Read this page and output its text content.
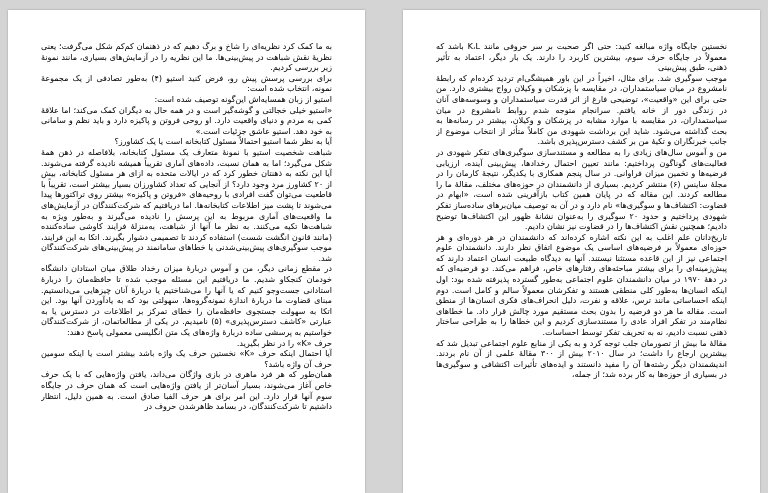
به ما کمک کرد نظریه‌ای را شاخ و برگ دهیم که در ذهنمان کم‌کم شکل می‌گرفت؛ یعنی نظریهٔ نقش شباهت در پیش‌بینی‌ها. ما این نظریه را در آزمایش‌های بسیاری، مانند نمونهٔ زیر بررسی کردیم.

برای بررسی پرسش پیش رو، فرض کنید استیو (۴) به‌طور تصادفی از یک مجموعهٔ نمونه، انتخاب شده است:

استیو از زبان همسایه‌اش این‌گونه توصیف شده است:

«استیو خیلی خجالتی و گوشه‌گیر است و در همه حال به دیگران کمک می‌کند؛ اما علاقهٔ کمی به مردم و دنیای واقعیت دارد. او روحی فروتن و پاکیزه دارد و باید نظم و سامانی به خود دهد. استیو عاشق جزئیات است.»

آیا به نظر شما استیو احتمالاً مسئول کتابخانه است یا یک کشاورز؟

شباهت شخصیت استیو با نمونهٔ متعارف یک مسئول کتابخانه، بلافاصله در ذهن همهٔ شکل می‌گیرد؛ اما به همان نسبت، داده‌های آماری تقریباً همیشه نادیده گرفته می‌شوند. آیا این نکته به ذهنتان خطور کرد که در ایالات متحده به ازای هر مسئول کتابخانه، بیش از ۲۰ کشاورز مرد وجود دارد؟ از آنجایی که تعداد کشاورزان بسیار بیشتر است، تقریباً با قاطعیت می‌توان گفت افرادی با روحیه‌های «فروتن و پاکیزه» بیشتر روی تراکتورها پیدا می‌شوند تا پشت میز اطلاعات کتابخانه‌ها. اما دریافتیم که شرکت‌کنندگان در آزمایش‌های ما واقعیت‌های آماری مربوط به این پرسش را نادیده می‌گیرند و به‌طور ویژه به شباهت‌ها تکیه می‌کنند. به نظر ما آنها از شباهت، به‌منزلهٔ فرایند کاوشی ساده‌کننده (مانند قانون انگشت شست) استفاده کردند تا تصمیمی دشوار بگیرند. اتکا به این فرایند، موجب سوگیری‌های پیش‌بینی‌شدنی یا خطاهای سامانمند در پیش‌بینی‌های شرکت‌کنندگان شد.

در مقطع زمانی دیگر، من و آموس دربارهٔ میزان رخداد طلاق میان استادان دانشگاه خودمان کنجکاو شدیم. ما دریافتیم این مسئله موجب شده تا حافظه‌مان را دربارهٔ استادانی جست‌وجو کنیم که یا آنها را می‌شناختیم یا دربارهٔ آنان چیزهایی می‌دانستیم. مبنای قضاوت ما دربارهٔ اندازهٔ نمونه‌گروه‌ها، سهولتی بود که به یادآوردن آنها بود. این اتکا به سهولت جستجوی حافظه‌مان را خطای تمرکز بر اطلاعات در دسترس یا به عبارتی «کاشف دسترس‌پذیری» (۵) نامیدیم. در یکی از مطالعاتمان، از شرکت‌کنندگان خواستیم به پرسشی ساده دربارهٔ واژه‌های یک متن انگلیسی معمولی پاسخ دهند:

حرف «K» را در نظر بگیرید.

آیا احتمال اینکه حرف «K» نخستین حرف یک واژه باشد بیشتر است یا اینکه سومین حرف آن واژه باشد؟

همان‌طور که هر فرد ماهری در بازی واژگان می‌داند، یافتن واژه‌هایی که با یک حرف خاص آغاز می‌شوند، بسیار آسان‌تر از یافتن واژه‌هایی است که همان حرف در جایگاه سوم آنها قرار دارد. این امر برای هر حرف الفبا صادق است. به همین دلیل، انتظار داشتیم تا شرکت‌کنندگان، در بسامد ظاهرشدن حروف در

نخستین جایگاه واژه مبالغه کنید: حتی اگر صحبت بر سر حروفی مانند K،L باشد که معمولاً در جایگاه حرف سوم، بیشترین کاربرد را دارند. یک بار دیگر، اعتماد به تأثیر ذهنی، طبق پیش‌بینی

موجب سوگیری شد. برای مثال، اخیراً در این باور همیشگی‌ام تردید کرده‌ام که رابطهٔ نامشروع در میان سیاستمداران، در مقایسه با پزشکان و وکیلان رواج بیشتری دارد. من حتی برای این «واقعیت»، توضیحی فارغ از اثر قدرت سیاستمداران و وسوسه‌های آنان در زندگی دور از خانه یافتم. سرانجام متوجه شدم روابط نامشروع در میان سیاستمداران، در مقایسه با موارد مشابه در پزشکان و وکیلان، بیشتر در رسانه‌ها به بحث گذاشته می‌شود. شاید این برداشت شهودی من کاملاً متأثر از انتخاب موضوع از جانب خبرنگاران و تکیهٔ من بر کشف دسترس‌پذیری باشد.

من و آموس سال‌های زیادی را به مطالعه و مستندسازی سوگیری‌های تفکر شهودی در فعالیت‌های گوناگون پرداختیم: مانند تعیین احتمال رخدادها، پیش‌بینی آینده، ارزیابی فرضیه‌ها و تخمین میزان فراوانی. در سال پنجم همکاری با یکدیگر، نتیجهٔ کارمان را در مجلهٔ ساینس (۶) منتشر کردیم. بسیاری از دانشمندان در حوزه‌های مختلف، مقالهٔ ما را مطالعه کردند. این مقاله که در پایان همین کتاب بازآفرینی شده است، «ابهام در قضاوت: اکتشاف‌ها و سوگیری‌ها» نام دارد و در آن به توصیف میان‌برهای ساده‌ساز تفکر شهودی پرداختیم و حدود ۲۰ سوگیری را به‌عنوان نشانهٔ ظهور این اکتشاف‌ها توضیح دادیم؛ همچنین نقش اکتشاف‌ها را در قضاوت نیز نشان دادیم.

تاریخ‌دانان علم اغلب به این نکته اشاره کرده‌اند که دانشمندان در هر دوره‌ای و هر حوزه‌ای معمولاً بر فرضیه‌های اساسی یک موضوع اتفاق نظر دارند. دانشمندان علوم اجتماعی نیز از این قاعده مستثنا نیستند. آنها به دیدگاه طبیعت انسان اعتماد دارند که پیش‌زمینه‌ای را برای بیشتر مباحثه‌های رفتارهای خاص، فراهم می‌کند. دو فرضیه‌ای که در دههٔ ۱۹۷۰ در میان دانشمندان علوم اجتماعی به‌طور گسترده پذیرفته شده بود: اول اینکه انسان‌ها به‌طور کلی منطقی هستند و تفکرشان معمولاً سالم و کامل است. دوم اینکه احساساتی مانند ترس، علاقه و نفرت، دلیل انحراف‌های فکری انسان‌ها از منطق است. مقاله ما هر دو فرضیه را بدون بحث مستقیم مورد چالش قرار داد. ما خطاهای نظام‌مند در تفکر افراد عادی را مستندسازی کردیم و این خطاها را به طراحی ساختار ذهنی نسبت دادیم، نه به تحریف تفکر توسط احساسات.

مقالهٔ ما بیش از تصورمان جلب توجه کرد و به یکی از منابع علوم اجتماعی تبدیل شد که بیشترین ارجاع را داشت؛ در سال ۲۰۱۰ بیش از ۳۰۰ مقالهٔ علمی از آن نام بردند. اندیشمندان دیگر رشته‌ها آن را مفید دانستند و ایده‌های تأثیرات اکتشافی و سوگیری‌ها در بسیاری از حوزه‌ها به کار برده شد؛ از جمله،
